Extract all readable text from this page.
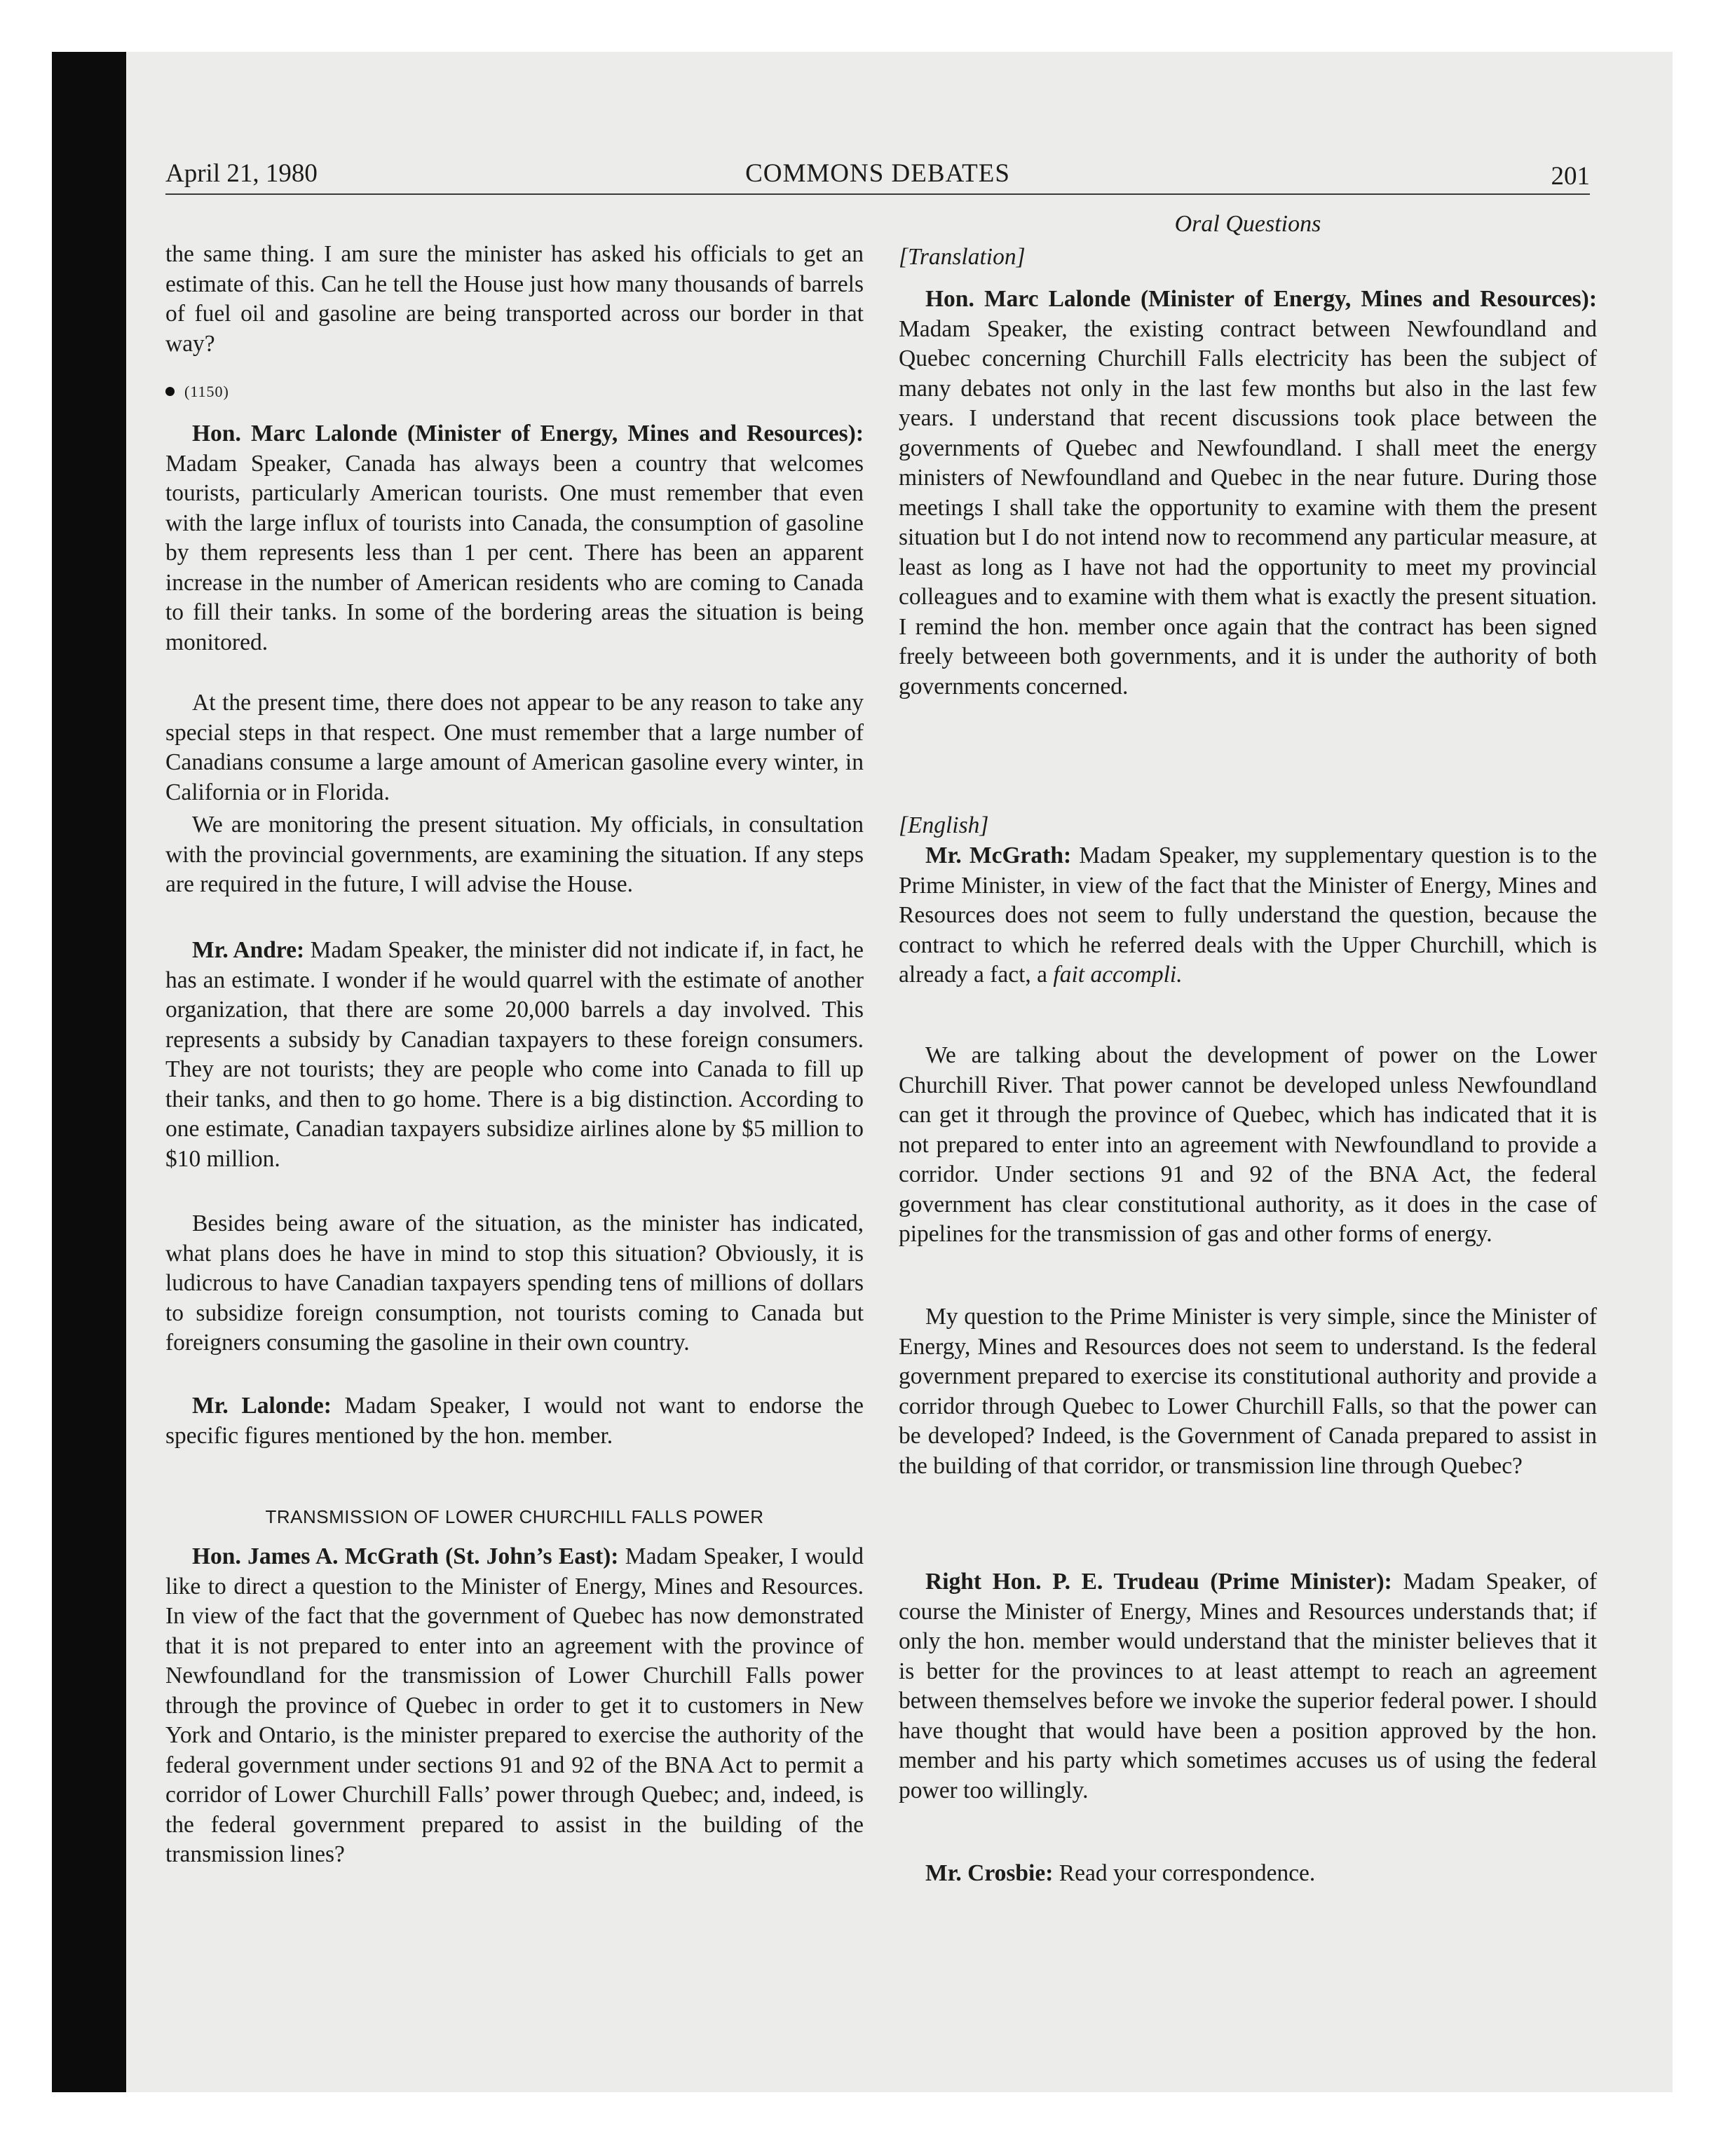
April 21, 1980	COMMONS DEBATES	201
Oral Questions

the same thing. I am sure the minister has asked his officials to get an estimate of this. Can he tell the House just how many thousands of barrels of fuel oil and gasoline are being transported across our border in that way?

(1150)

Hon. Marc Lalonde (Minister of Energy, Mines and Resources): Madam Speaker, Canada has always been a country that welcomes tourists, particularly American tourists. One must remember that even with the large influx of tourists into Canada, the consumption of gasoline by them represents less than 1 per cent. There has been an apparent increase in the number of American residents who are coming to Canada to fill their tanks. In some of the bordering areas the situation is being monitored.

At the present time, there does not appear to be any reason to take any special steps in that respect. One must remember that a large number of Canadians consume a large amount of American gasoline every winter, in California or in Florida.

We are monitoring the present situation. My officials, in consultation with the provincial governments, are examining the situation. If any steps are required in the future, I will advise the House.

Mr. Andre: Madam Speaker, the minister did not indicate if, in fact, he has an estimate. I wonder if he would quarrel with the estimate of another organization, that there are some 20,000 barrels a day involved. This represents a subsidy by Canadian taxpayers to these foreign consumers. They are not tourists; they are people who come into Canada to fill up their tanks, and then to go home. There is a big distinction. According to one estimate, Canadian taxpayers subsidize airlines alone by $5 million to $10 million.

Besides being aware of the situation, as the minister has indicated, what plans does he have in mind to stop this situation? Obviously, it is ludicrous to have Canadian taxpayers spending tens of millions of dollars to subsidize foreign consumption, not tourists coming to Canada but foreigners consuming the gasoline in their own country.

Mr. Lalonde: Madam Speaker, I would not want to endorse the specific figures mentioned by the hon. member.

TRANSMISSION OF LOWER CHURCHILL FALLS POWER

Hon. James A. McGrath (St. John’s East): Madam Speaker, I would like to direct a question to the Minister of Energy, Mines and Resources. In view of the fact that the government of Quebec has now demonstrated that it is not prepared to enter into an agreement with the province of Newfoundland for the transmission of Lower Churchill Falls power through the province of Quebec in order to get it to customers in New York and Ontario, is the minister prepared to exercise the authority of the federal government under sections 91 and 92 of the BNA Act to permit a corridor of Lower Churchill Falls’ power through Quebec; and, indeed, is the federal government prepared to assist in the building of the transmission lines?

[Translation]

Hon. Marc Lalonde (Minister of Energy, Mines and Resources): Madam Speaker, the existing contract between Newfoundland and Quebec concerning Churchill Falls electricity has been the subject of many debates not only in the last few months but also in the last few years. I understand that recent discussions took place between the governments of Quebec and Newfoundland. I shall meet the energy ministers of Newfoundland and Quebec in the near future. During those meetings I shall take the opportunity to examine with them the present situation but I do not intend now to recommend any particular measure, at least as long as I have not had the opportunity to meet my provincial colleagues and to examine with them what is exactly the present situation. I remind the hon. member once again that the contract has been signed freely betweeen both governments, and it is under the authority of both governments concerned.

[English]

Mr. McGrath: Madam Speaker, my supplementary question is to the Prime Minister, in view of the fact that the Minister of Energy, Mines and Resources does not seem to fully understand the question, because the contract to which he referred deals with the Upper Churchill, which is already a fact, a fait accompli.

We are talking about the development of power on the Lower Churchill River. That power cannot be developed unless Newfoundland can get it through the province of Quebec, which has indicated that it is not prepared to enter into an agreement with Newfoundland to provide a corridor. Under sections 91 and 92 of the BNA Act, the federal government has clear constitutional authority, as it does in the case of pipelines for the transmission of gas and other forms of energy.

My question to the Prime Minister is very simple, since the Minister of Energy, Mines and Resources does not seem to understand. Is the federal government prepared to exercise its constitutional authority and provide a corridor through Quebec to Lower Churchill Falls, so that the power can be developed? Indeed, is the Government of Canada prepared to assist in the building of that corridor, or transmission line through Quebec?

Right Hon. P. E. Trudeau (Prime Minister): Madam Speaker, of course the Minister of Energy, Mines and Resources understands that; if only the hon. member would understand that the minister believes that it is better for the provinces to at least attempt to reach an agreement between themselves before we invoke the superior federal power. I should have thought that would have been a position approved by the hon. member and his party which sometimes accuses us of using the federal power too willingly.

Mr. Crosbie: Read your correspondence.
